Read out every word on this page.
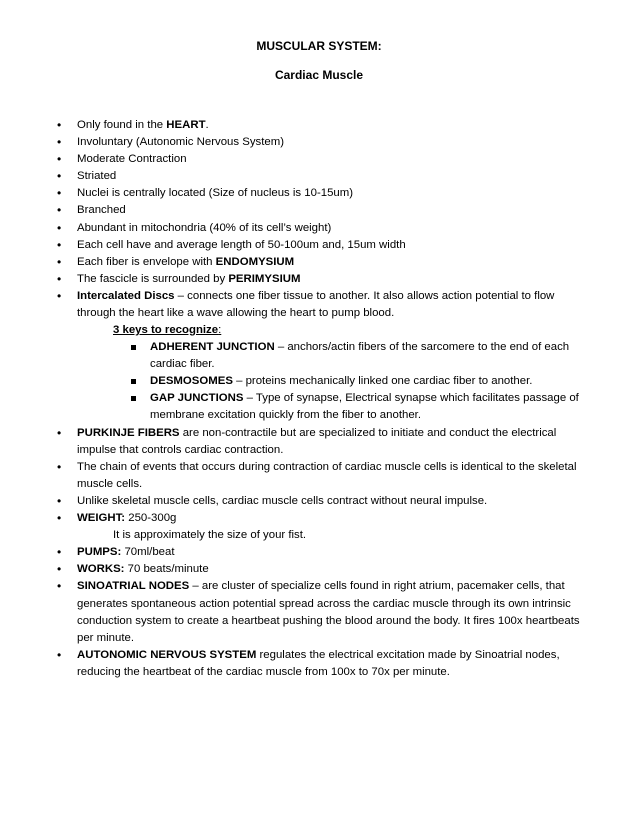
MUSCULAR SYSTEM:
Cardiac Muscle
• Only found in the HEART.
• Involuntary (Autonomic Nervous System)
• Moderate Contraction
• Striated
• Nuclei is centrally located (Size of nucleus is 10-15um)
• Branched
• Abundant in mitochondria (40% of its cell’s weight)
• Each cell have and average length of 50-100um and, 15um width
• Each fiber is envelope with ENDOMYSIUM
• The fascicle is surrounded by PERIMYSIUM
• Intercalated Discs – connects one fiber tissue to another. It also allows action potential to flow through the heart like a wave allowing the heart to pump blood.
3 keys to recognize:
ADHERENT JUNCTION – anchors/actin fibers of the sarcomere to the end of each cardiac fiber.
DESMOSOMES – proteins mechanically linked one cardiac fiber to another.
GAP JUNCTIONS – Type of synapse, Electrical synapse which facilitates passage of membrane excitation quickly from the fiber to another.
• PURKINJE FIBERS are non-contractile but are specialized to initiate and conduct the electrical impulse that controls cardiac contraction.
• The chain of events that occurs during contraction of cardiac muscle cells is identical to the skeletal muscle cells.
• Unlike skeletal muscle cells, cardiac muscle cells contract without neural impulse.
• WEIGHT: 250-300g
It is approximately the size of your fist.
• PUMPS: 70ml/beat
• WORKS: 70 beats/minute
• SINOATRIAL NODES – are cluster of specialize cells found in right atrium, pacemaker cells, that generates spontaneous action potential spread across the cardiac muscle through its own intrinsic conduction system to create a heartbeat pushing the blood around the body. It fires 100x heartbeats per minute.
• AUTONOMIC NERVOUS SYSTEM regulates the electrical excitation made by Sinoatrial nodes, reducing the heartbeat of the cardiac muscle from 100x to 70x per minute.
